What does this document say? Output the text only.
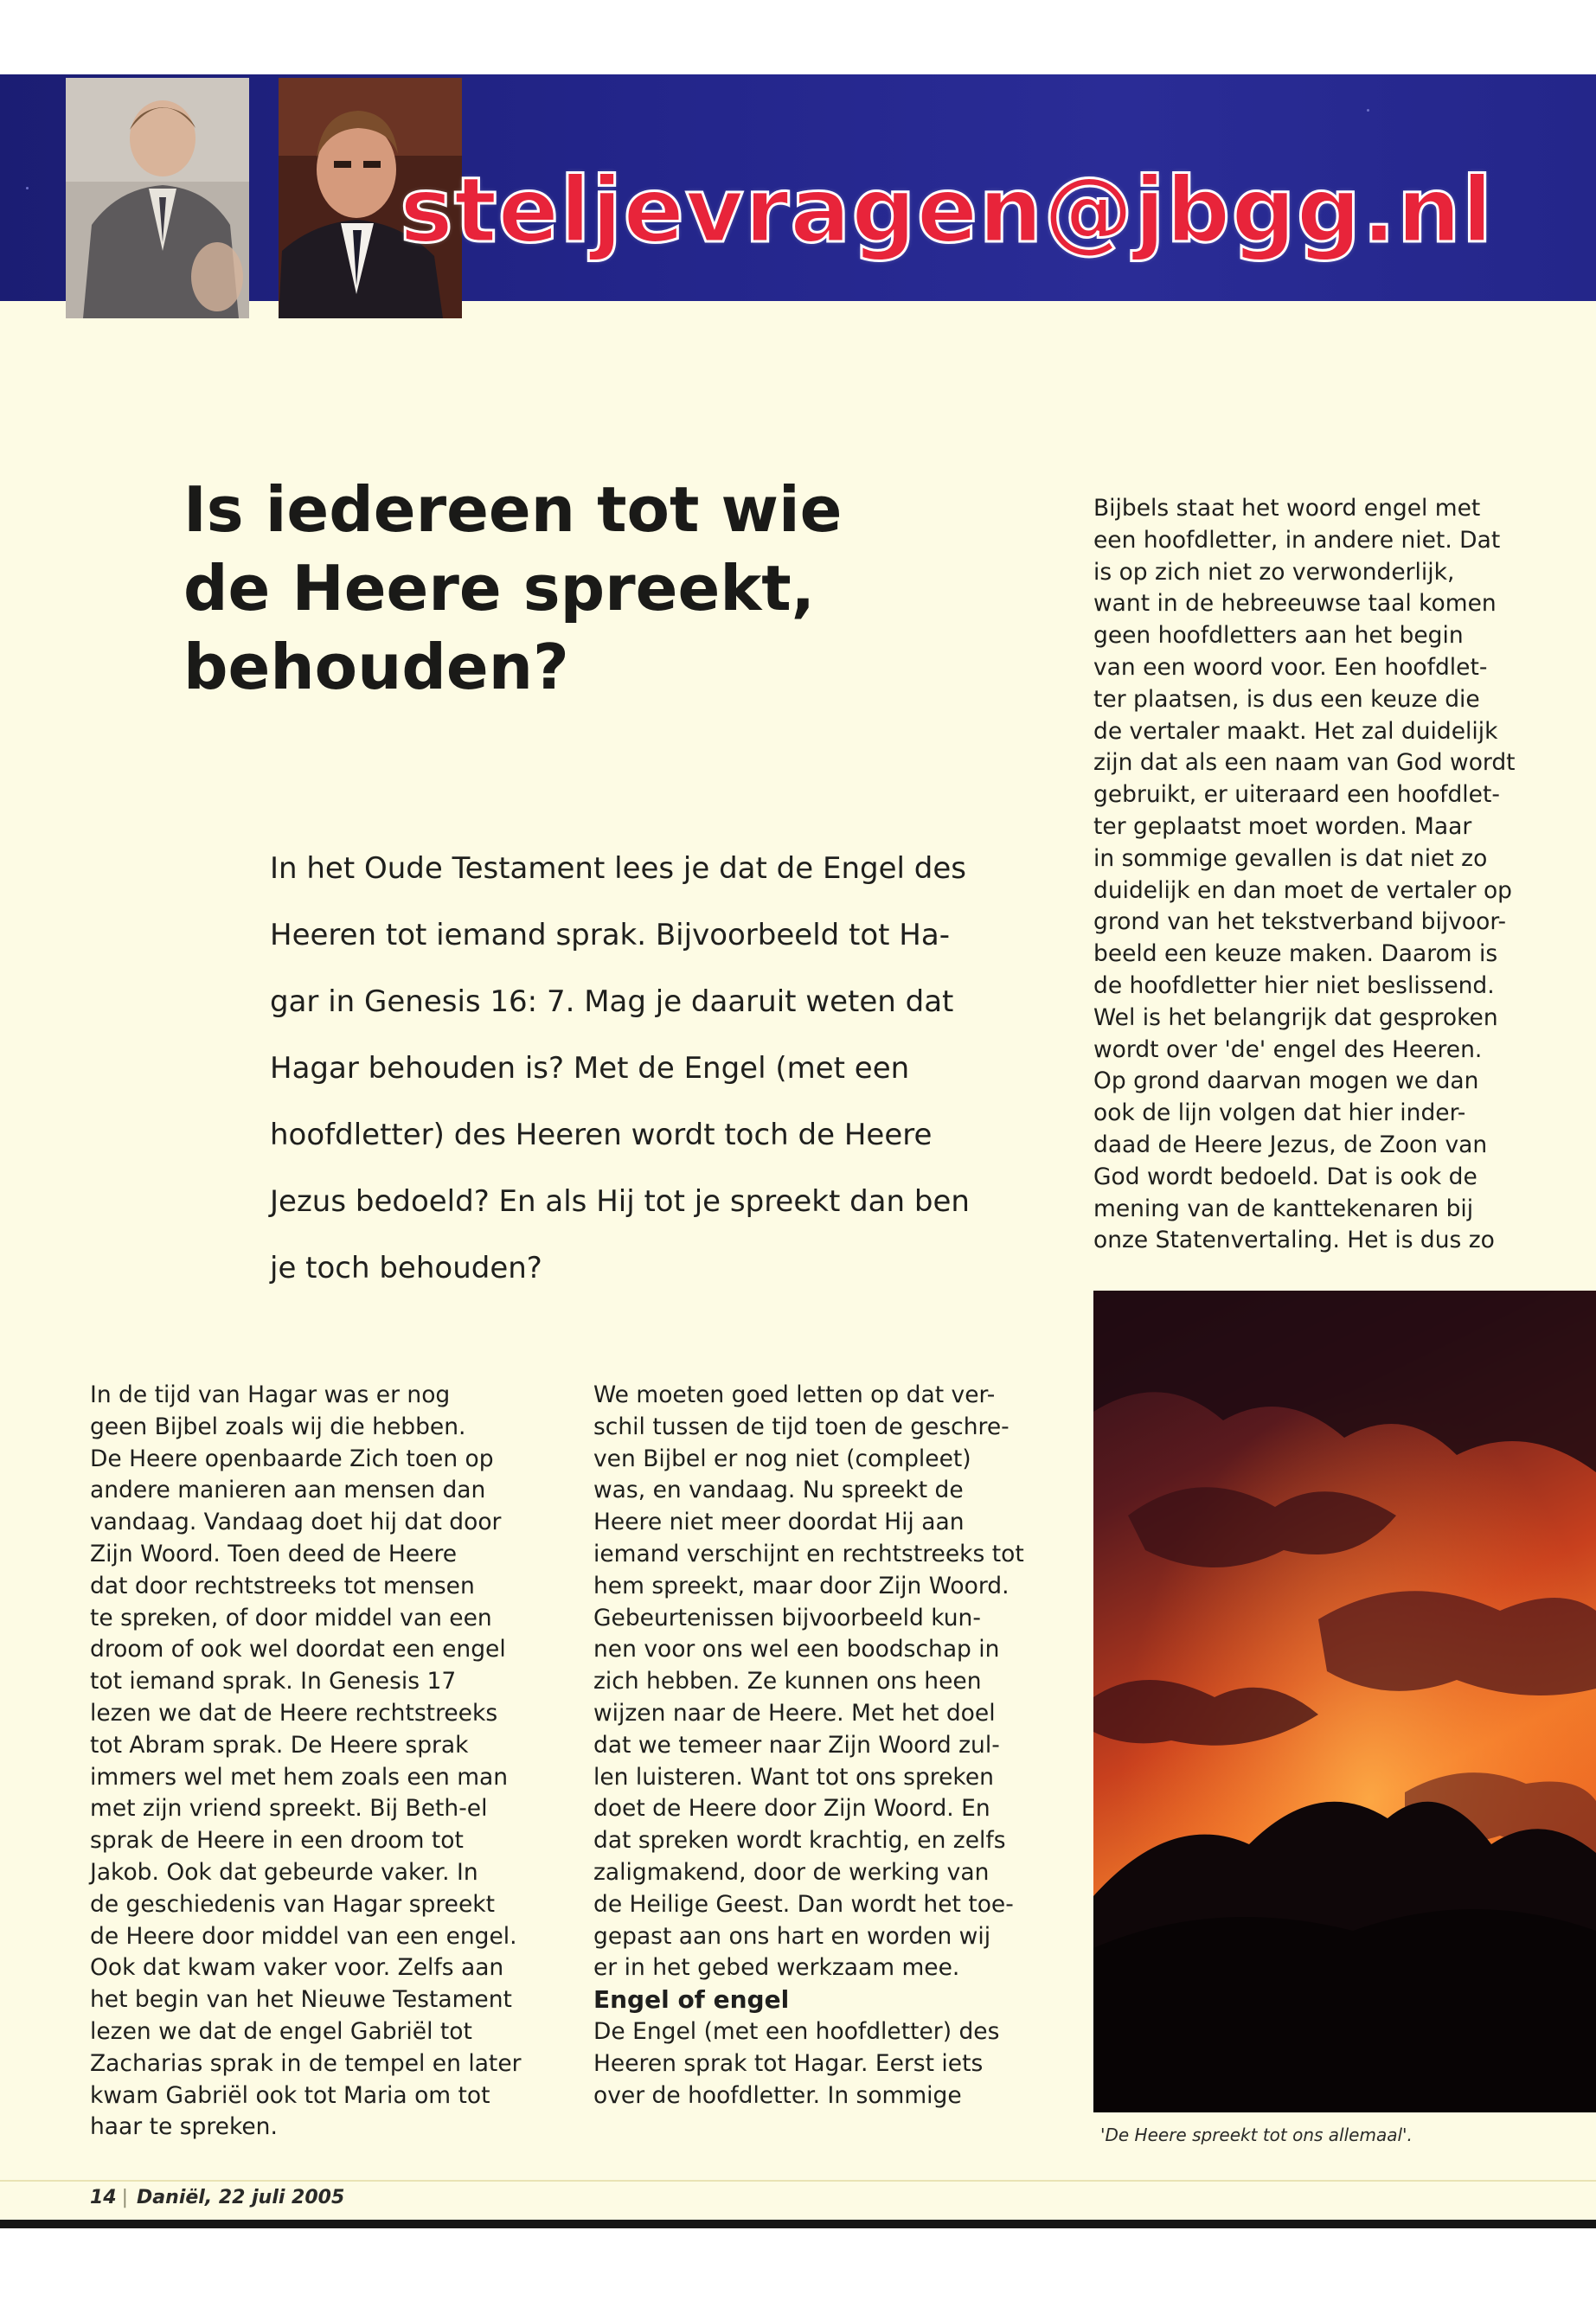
steljevragen@jbgg.nl
Is iedereen tot wie
de Heere spreekt,
behouden?
In het Oude Testament lees je dat de Engel des
Heeren tot iemand sprak. Bijvoorbeeld tot Ha-
gar in Genesis 16: 7. Mag je daaruit weten dat
Hagar behouden is? Met de Engel (met een
hoofdletter) des Heeren wordt toch de Heere
Jezus bedoeld? En als Hij tot je spreekt dan ben
je toch behouden?

In de tijd van Hagar was er nog

geen Bijbel zoals wij die hebben.

De Heere openbaarde Zich toen op

andere manieren aan mensen dan

vandaag. Vandaag doet hij dat door

Zijn Woord. Toen deed de Heere

dat door rechtstreeks tot mensen

te spreken, of door middel van een

droom of ook wel doordat een engel

tot iemand sprak. In Genesis 17

lezen we dat de Heere rechtstreeks

tot Abram sprak. De Heere sprak

immers wel met hem zoals een man

met zijn vriend spreekt. Bij Beth-el

sprak de Heere in een droom tot

Jakob. Ook dat gebeurde vaker. In

de geschiedenis van Hagar spreekt

de Heere door middel van een engel.

Ook dat kwam vaker voor. Zelfs aan

het begin van het Nieuwe Testament

lezen we dat de engel Gabriël tot

Zacharias sprak in de tempel en later

kwam Gabriël ook tot Maria om tot

haar te spreken.

We moeten goed letten op dat ver-

schil tussen de tijd toen de geschre-

ven Bijbel er nog niet (compleet)

was, en vandaag. Nu spreekt de

Heere niet meer doordat Hij aan

iemand verschijnt en rechtstreeks tot

hem spreekt, maar door Zijn Woord.

Gebeurtenissen bijvoorbeeld kun-

nen voor ons wel een boodschap in

zich hebben. Ze kunnen ons heen

wijzen naar de Heere. Met het doel

dat we temeer naar Zijn Woord zul-

len luisteren. Want tot ons spreken

doet de Heere door Zijn Woord. En

dat spreken wordt krachtig, en zelfs

zaligmakend, door de werking van

de Heilige Geest. Dan wordt het toe-

gepast aan ons hart en worden wij

er in het gebed werkzaam mee.

Engel of engel

De Engel (met een hoofdletter) des

Heeren sprak tot Hagar. Eerst iets

over de hoofdletter. In sommige

Bijbels staat het woord engel met

een hoofdletter, in andere niet. Dat

is op zich niet zo verwonderlijk,

want in de hebreeuwse taal komen

geen hoofdletters aan het begin

van een woord voor. Een hoofdlet-

ter plaatsen, is dus een keuze die

de vertaler maakt. Het zal duidelijk

zijn dat als een naam van God wordt

gebruikt, er uiteraard een hoofdlet-

ter geplaatst moet worden. Maar

in sommige gevallen is dat niet zo

duidelijk en dan moet de vertaler op

grond van het tekstverband bijvoor-

beeld een keuze maken. Daarom is

de hoofdletter hier niet beslissend.

Wel is het belangrijk dat gesproken

wordt over 'de' engel des Heeren.

Op grond daarvan mogen we dan

ook de lijn volgen dat hier inder-

daad de Heere Jezus, de Zoon van

God wordt bedoeld. Dat is ook de

mening van de kanttekenaren bij

onze Statenvertaling. Het is dus zo

'De Heere spreekt tot ons allemaal'.
14 | Daniël, 22 juli 2005
